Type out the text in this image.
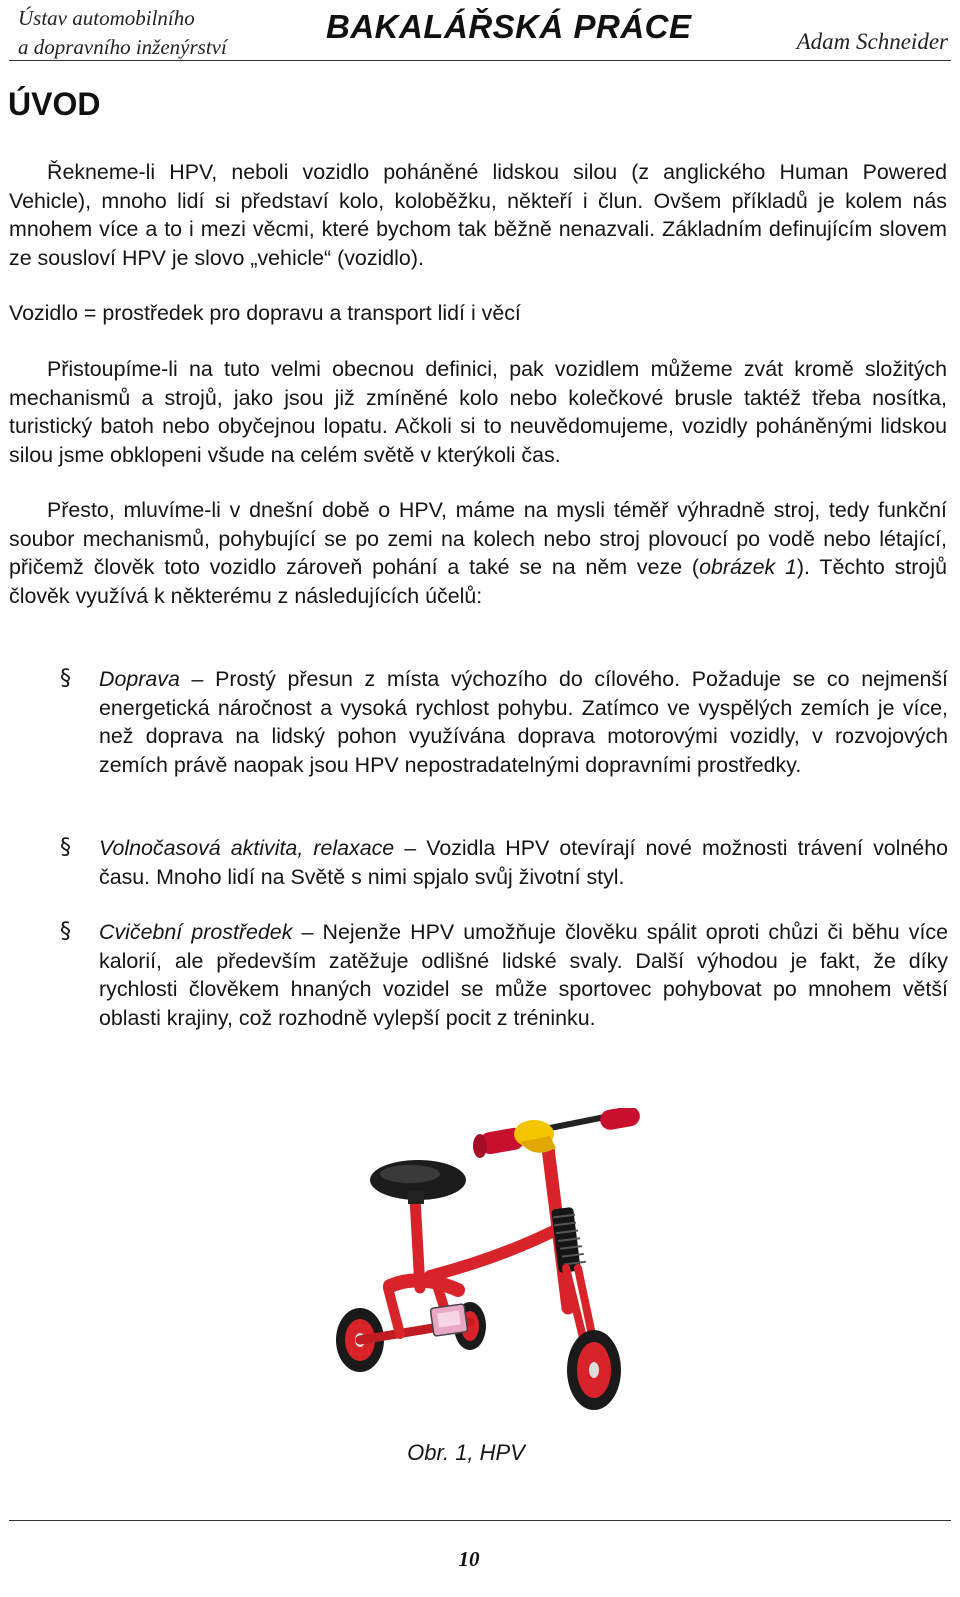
Ústav automobilního
a dopravního inženýrství
BAKALÁŘSKÁ PRÁCE	Adam Schneider
ÚVOD

Řekneme-li HPV, neboli vozidlo poháněné lidskou silou (z anglického Human Powered Vehicle), mnoho lidí si představí kolo, koloběžku, někteří i člun. Ovšem příkladů je kolem nás mnohem více a to i mezi věcmi, které bychom tak běžně nenazvali. Základním definujícím slovem ze sousloví HPV je slovo „vehicle“ (vozidlo).

Vozidlo = prostředek pro dopravu a transport lidí i věcí

Přistoupíme-li na tuto velmi obecnou definici, pak vozidlem můžeme zvát kromě složitých mechanismů a strojů, jako jsou již zmíněné kolo nebo kolečkové brusle taktéž třeba nosítka, turistický batoh nebo obyčejnou lopatu. Ačkoli si to neuvědomujeme, vozidly poháněnými lidskou silou jsme obklopeni všude na celém světě v kterýkoli čas.

Přesto, mluvíme-li v dnešní době o HPV, máme na mysli téměř výhradně stroj, tedy funkční soubor mechanismů, pohybující se po zemi na kolech nebo stroj plovoucí po vodě nebo létající, přičemž člověk toto vozidlo zároveň pohání a také se na něm veze (obrázek 1). Těchto strojů člověk využívá k některému z následujících účelů:

§ Doprava – Prostý přesun z místa výchozího do cílového. Požaduje se co nejmenší energetická náročnost a vysoká rychlost pohybu. Zatímco ve vyspělých zemích je více, než doprava na lidský pohon využívána doprava motorovými vozidly, v rozvojových zemích právě naopak jsou HPV nepostradatelnými dopravními prostředky.
§ Volnočasová aktivita, relaxace – Vozidla HPV otevírají nové možnosti trávení volného času. Mnoho lidí na Světě s nimi spjalo svůj životní styl.
§ Cvičební prostředek – Nejenže HPV umožňuje člověku spálit oproti chůzi či běhu více kalorií, ale především zatěžuje odlišné lidské svaly. Další výhodou je fakt, že díky rychlosti člověkem hnaných vozidel se může sportovec pohybovat po mnohem větší oblasti krajiny, což rozhodně vylepší pocit z tréninku.
Obr. 1, HPV
10
